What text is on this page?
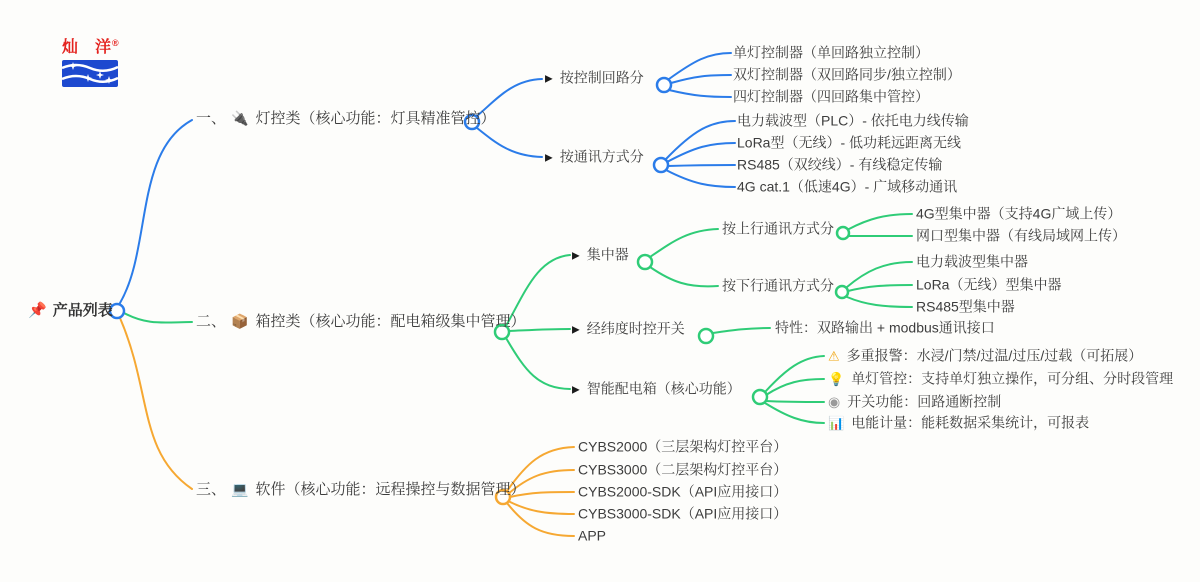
灿 洋®
📌 产品列表
一、 🔌 灯控类（核心功能：灯具精准管控）
▶ 按控制回路分
单灯控制器（单回路独立控制）
双灯控制器（双回路同步/独立控制）
四灯控制器（四回路集中管控）
▶ 按通讯方式分
电力载波型（PLC）- 依托电力线传输
LoRa型（无线）- 低功耗远距离无线
RS485（双绞线）- 有线稳定传输
4G cat.1（低速4G）- 广域移动通讯
二、 📦 箱控类（核心功能：配电箱级集中管理）
▶ 集中器
按上行通讯方式分
4G型集中器（支持4G广域上传）
网口型集中器（有线局域网上传）
按下行通讯方式分
电力载波型集中器
LoRa（无线）型集中器
RS485型集中器
▶ 经纬度时控开关	特性：双路输出 + modbus通讯接口
▶ 智能配电箱（核心功能）
⚠ 多重报警：水浸/门禁/过温/过压/过载（可拓展）
💡 单灯管控：支持单灯独立操作，可分组、分时段管理
◉ 开关功能：回路通断控制
📊 电能计量：能耗数据采集统计，可报表
三、 💻 软件（核心功能：远程操控与数据管理）
CYBS2000（三层架构灯控平台）
CYBS3000（二层架构灯控平台）
CYBS2000-SDK（API应用接口）
CYBS3000-SDK（API应用接口）
APP
